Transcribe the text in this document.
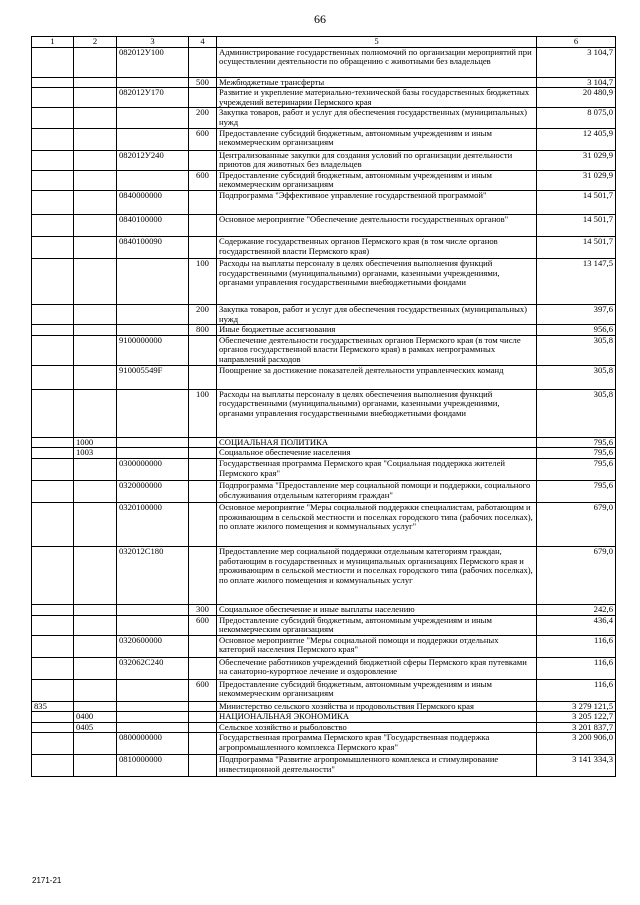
66
1	2	3	4	5	6
		082012У100		Администрирование государственных полномочий по организации мероприятий при осуществлении деятельности по обращению с животными без владельцев	3 104,7
			500	Межбюджетные трансферты	3 104,7
		082012У170		Развитие и укрепление материально-технической базы государственных бюджетных учреждений ветеринарии Пермского края	20 480,9
			200	Закупка товаров, работ и услуг для обеспечения государственных (муниципальных) нужд	8 075,0
			600	Предоставление субсидий бюджетным, автономным учреждениям и иным некоммерческим организациям	12 405,9
		082012У240		Централизованные закупки для создания условий по организации деятельности приютов для животных без владельцев	31 029,9
			600	Предоставление субсидий бюджетным, автономным учреждениям и иным некоммерческим организациям	31 029,9
		0840000000		Подпрограмма "Эффективное управление государственной программой"	14 501,7
		0840100000		Основное мероприятие "Обеспечение деятельности государственных органов"	14 501,7
		0840100090		Содержание государственных органов Пермского края (в том числе органов государственной власти Пермского края)	14 501,7
			100	Расходы на выплаты персоналу в целях обеспечения выполнения функций государственными (муниципальными) органами, казенными учреждениями, органами управления государственными внебюджетными фондами	13 147,5
			200	Закупка товаров, работ и услуг для обеспечения государственных (муниципальных) нужд	397,6
			800	Иные бюджетные ассигнования	956,6
		9100000000		Обеспечение деятельности государственных органов Пермского края (в том числе органов государственной власти Пермского края) в рамках непрограммных направлений расходов	305,8
		910005549F		Поощрение за достижение показателей деятельности управленческих команд	305,8
			100	Расходы на выплаты персоналу в целях обеспечения выполнения функций государственными (муниципальными) органами, казенными учреждениями, органами управления государственными внебюджетными фондами	305,8
	1000			СОЦИАЛЬНАЯ ПОЛИТИКА	795,6
	1003			Социальное обеспечение населения	795,6
		0300000000		Государственная программа Пермского края "Социальная поддержка жителей Пермского края"	795,6
		0320000000		Подпрограмма "Предоставление мер социальной помощи и поддержки, социального обслуживания отдельным категориям граждан"	795,6
		0320100000		Основное мероприятие "Меры социальной поддержки специалистам, работающим и проживающим в сельской местности и поселках городского типа (рабочих поселках), по оплате жилого помещения и коммунальных услуг"	679,0
		032012С180		Предоставление мер социальной поддержки отдельным категориям граждан, работающим в государственных и муниципальных организациях Пермского края и проживающим в сельской местности и поселках городского типа (рабочих поселках), по оплате жилого помещения и коммунальных услуг	679,0
			300	Социальное обеспечение и иные выплаты населению	242,6
			600	Предоставление субсидий бюджетным, автономным учреждениям и иным некоммерческим организациям	436,4
		0320600000		Основное мероприятие "Меры социальной помощи и поддержки отдельных категорий населения Пермского края"	116,6
		032062С240		Обеспечение работников учреждений бюджетной сферы Пермского края путевками на санаторно-курортное лечение и оздоровление	116,6
			600	Предоставление субсидий бюджетным, автономным учреждениям и иным некоммерческим организациям	116,6
835				Министерство сельского хозяйства и продовольствия Пермского края	3 279 121,5
	0400			НАЦИОНАЛЬНАЯ ЭКОНОМИКА	3 205 122,7
	0405			Сельское хозяйство и рыболовство	3 201 837,7
		0800000000		Государственная программа Пермского края "Государственная поддержка агропромышленного комплекса Пермского края"	3 200 906,0
		0810000000		Подпрограмма "Развитие агропромышленного комплекса и стимулирование инвестиционной деятельности"	3 141 334,3
2171-21
